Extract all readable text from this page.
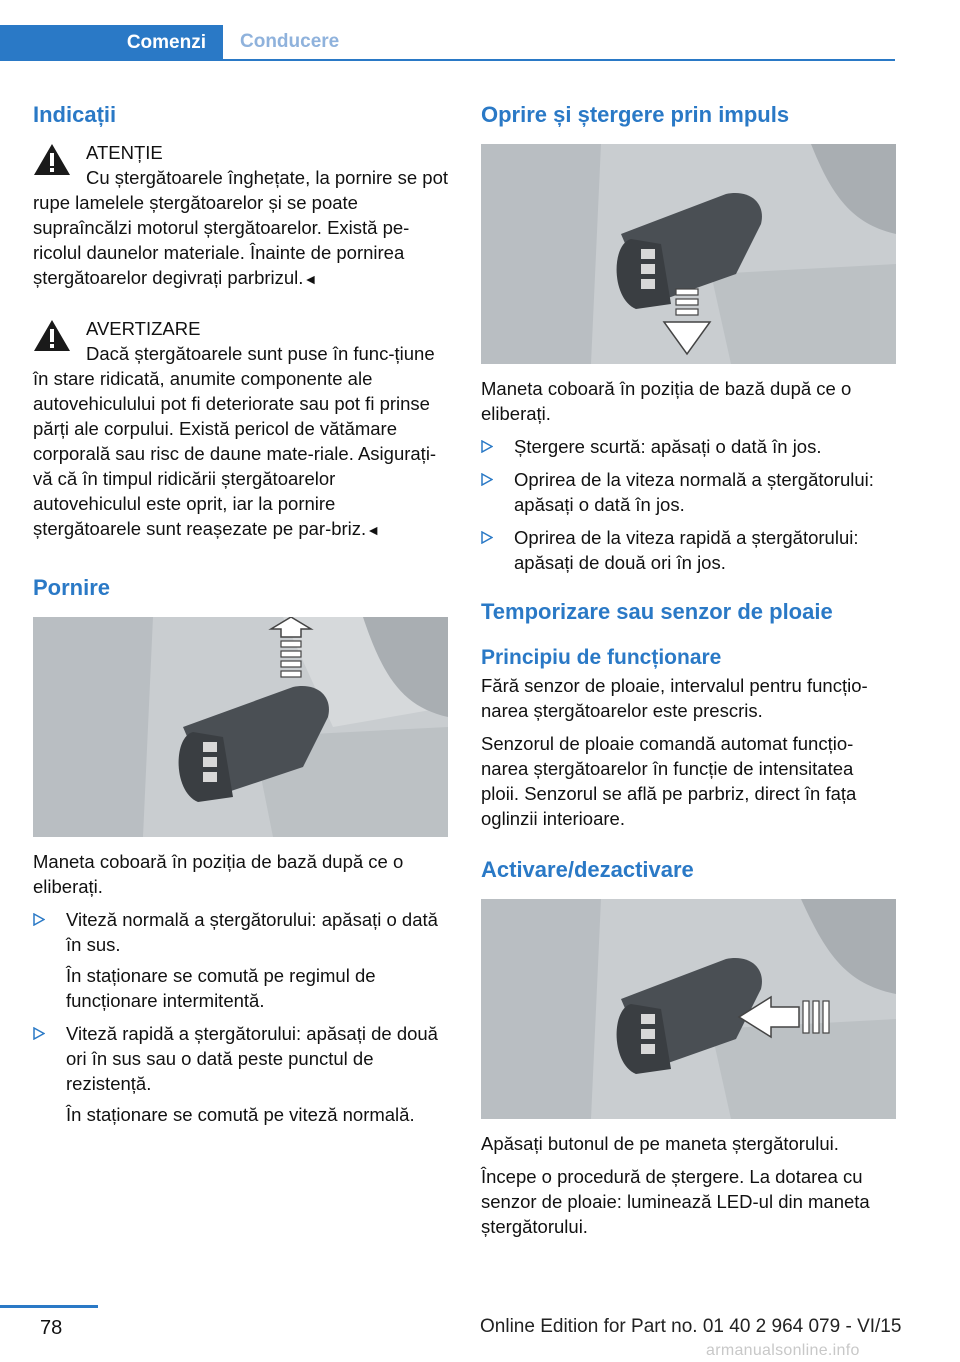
Comenzi	Conducere
Indicații
ATENȚIE

Cu ștergătoarele înghețate, la pornire se pot rupe lamelele ștergătoarelor și se poate supraîncălzi motorul ștergătoarelor. Există pe‐ricolul daunelor materiale. Înainte de pornirea ștergătoarelor degivrați parbrizul.◄

AVERTIZARE

Dacă ștergătoarele sunt puse în func‐țiune în stare ridicată, anumite componente ale autovehiculului pot fi deteriorate sau pot fi prinse părți ale corpului. Există pericol de vătămare corporală sau risc de daune mate‐riale. Asigurați-vă că în timpul ridicării ștergătoarelor autovehiculul este oprit, iar la pornire ștergătoarele sunt reașezate pe par‐briz.◄

Pornire

Maneta coboară în poziția de bază după ce o eliberați.

Viteză normală a ștergătorului: apăsați o dată în sus.

În staționare se comută pe regimul de funcționare intermitentă.

Viteză rapidă a ștergătorului: apăsați de două ori în sus sau o dată peste punctul de rezistență.

În staționare se comută pe viteză normală.

Oprire și ștergere prin impuls

Maneta coboară în poziția de bază după ce o eliberați.

Ștergere scurtă: apăsați o dată în jos.
Oprirea de la viteza normală a ștergătorului: apăsați o dată în jos.
Oprirea de la viteza rapidă a ștergătorului: apăsați de două ori în jos.
Temporizare sau senzor de ploaie
Principiu de funcționare

Fără senzor de ploaie, intervalul pentru funcțio‐narea ștergătoarelor este prescris.

Senzorul de ploaie comandă automat funcțio‐narea ștergătoarelor în funcție de intensitatea ploii. Senzorul se află pe parbriz, direct în fața oglinzii interioare.

Activare/dezactivare

Apăsați butonul de pe maneta ștergătorului.

Începe o procedură de ștergere. La dotarea cu senzor de ploaie: luminează LED-ul din maneta ștergătorului.

78	Online Edition for Part no. 01 40 2 964 079 - VI/15
armanualsonline.info
